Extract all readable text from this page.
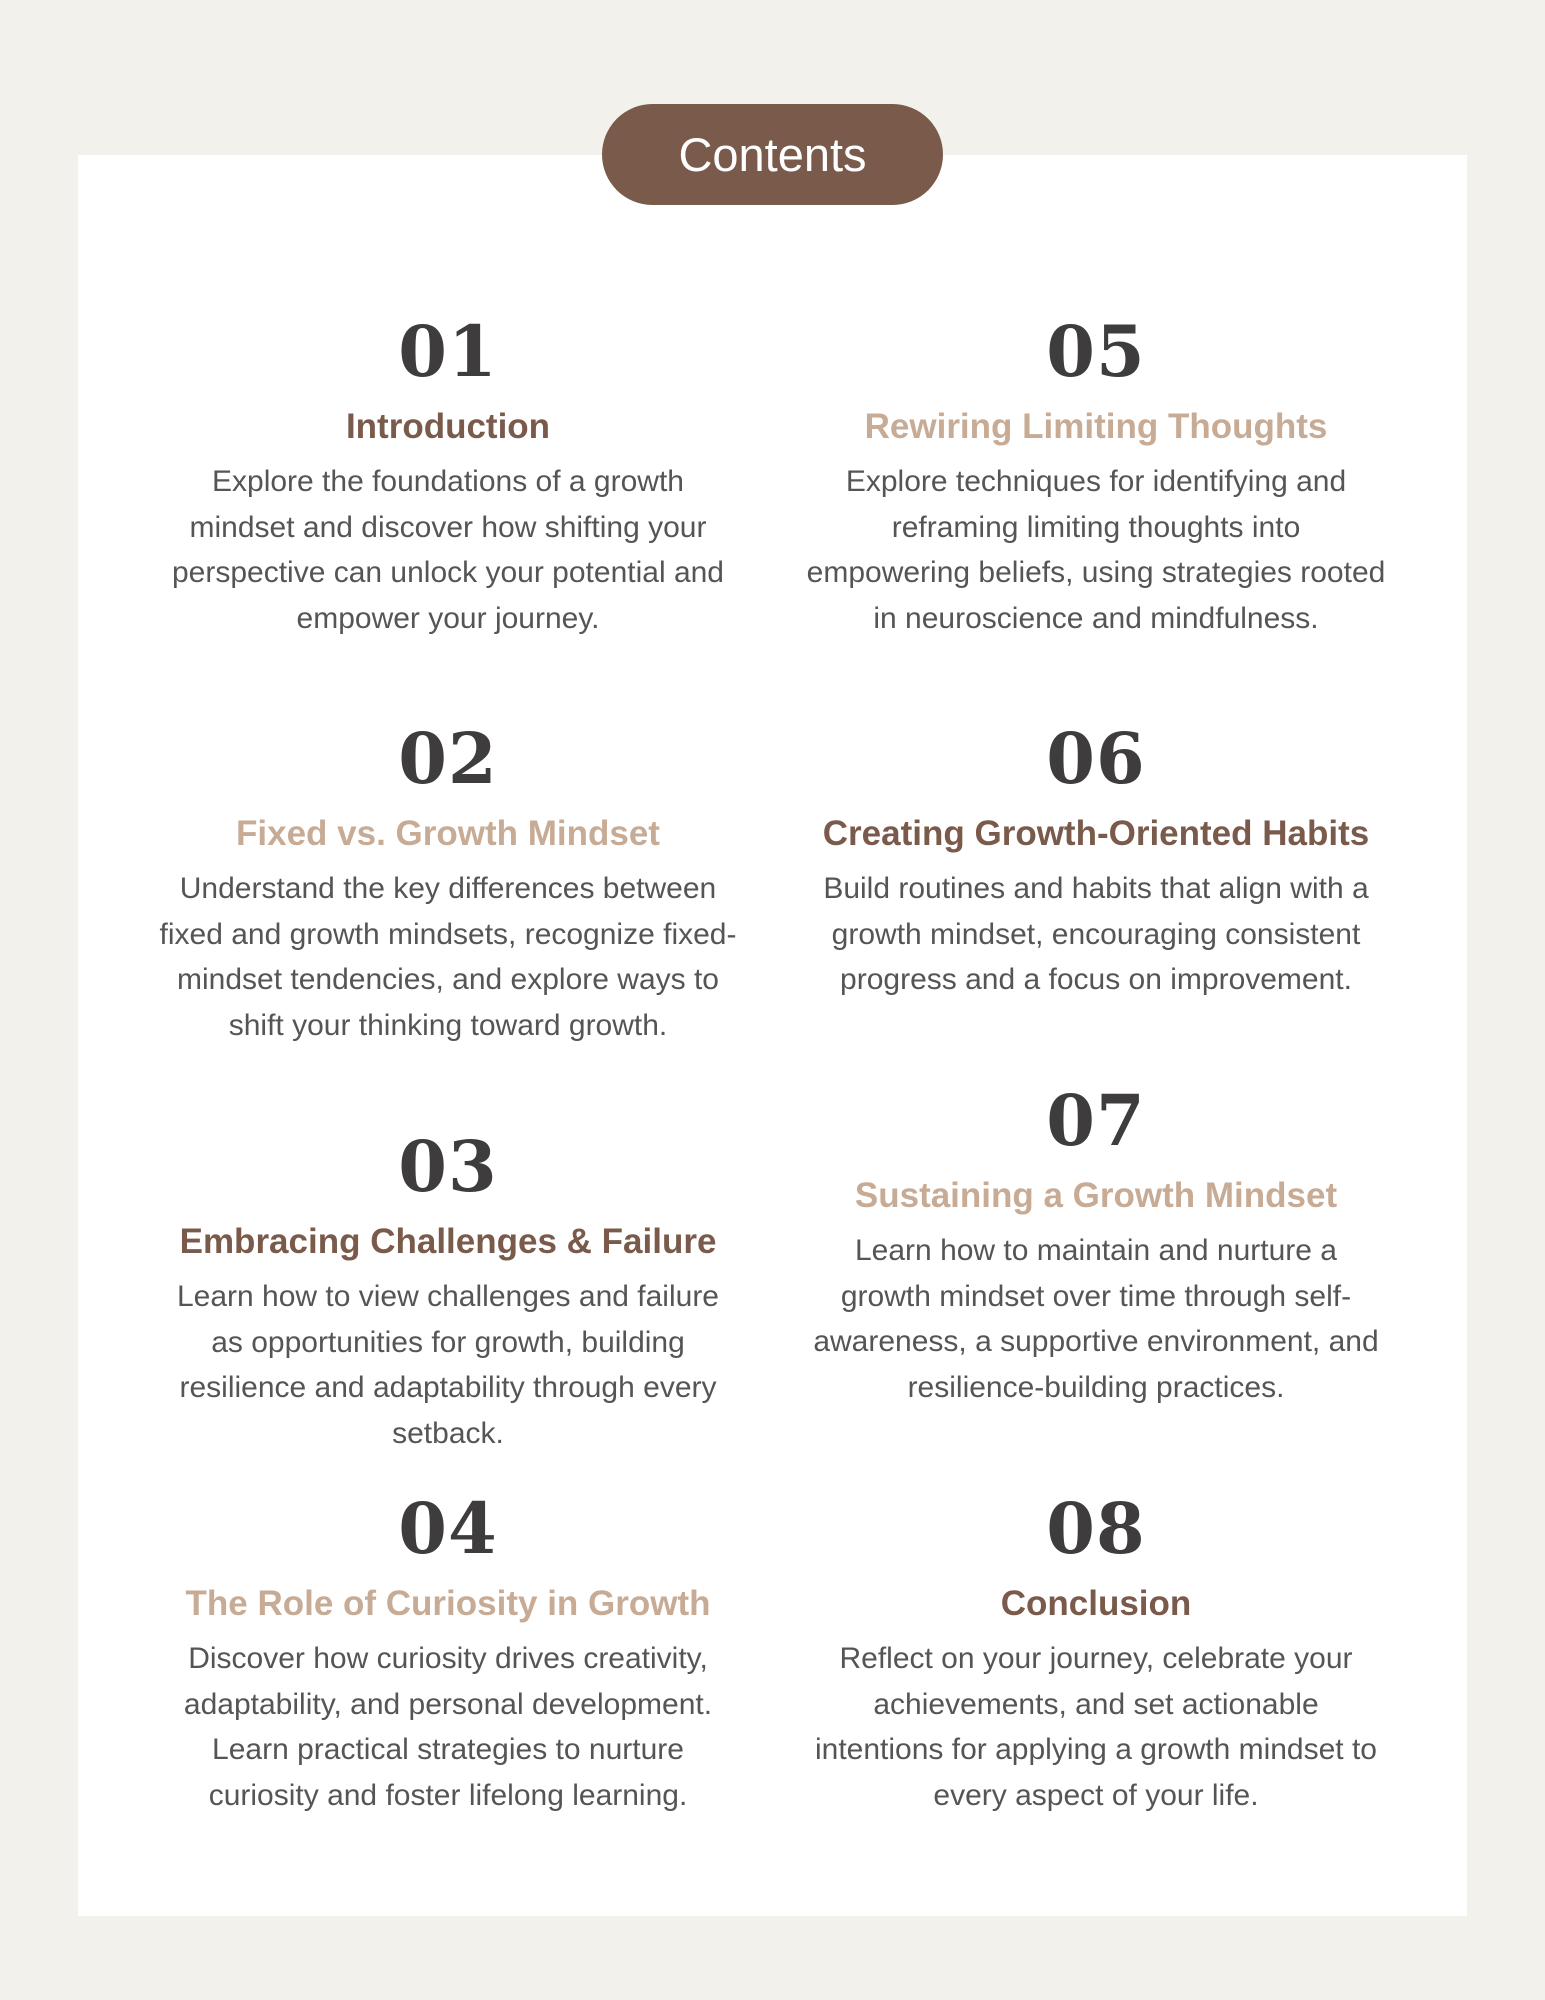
Contents
01
Introduction
Explore the foundations of a growth mindset and discover how shifting your perspective can unlock your potential and empower your journey.
02
Fixed vs. Growth Mindset
Understand the key differences between fixed and growth mindsets, recognize fixed-mindset tendencies, and explore ways to shift your thinking toward growth.
03
Embracing Challenges & Failure
Learn how to view challenges and failure as opportunities for growth, building resilience and adaptability through every setback.
04
The Role of Curiosity in Growth
Discover how curiosity drives creativity, adaptability, and personal development. Learn practical strategies to nurture curiosity and foster lifelong learning.
05
Rewiring Limiting Thoughts
Explore techniques for identifying and reframing limiting thoughts into empowering beliefs, using strategies rooted in neuroscience and mindfulness.
06
Creating Growth-Oriented Habits
Build routines and habits that align with a growth mindset, encouraging consistent progress and a focus on improvement.
07
Sustaining a Growth Mindset
Learn how to maintain and nurture a growth mindset over time through self-awareness, a supportive environment, and resilience-building practices.
08
Conclusion
Reflect on your journey, celebrate your achievements, and set actionable intentions for applying a growth mindset to every aspect of your life.
